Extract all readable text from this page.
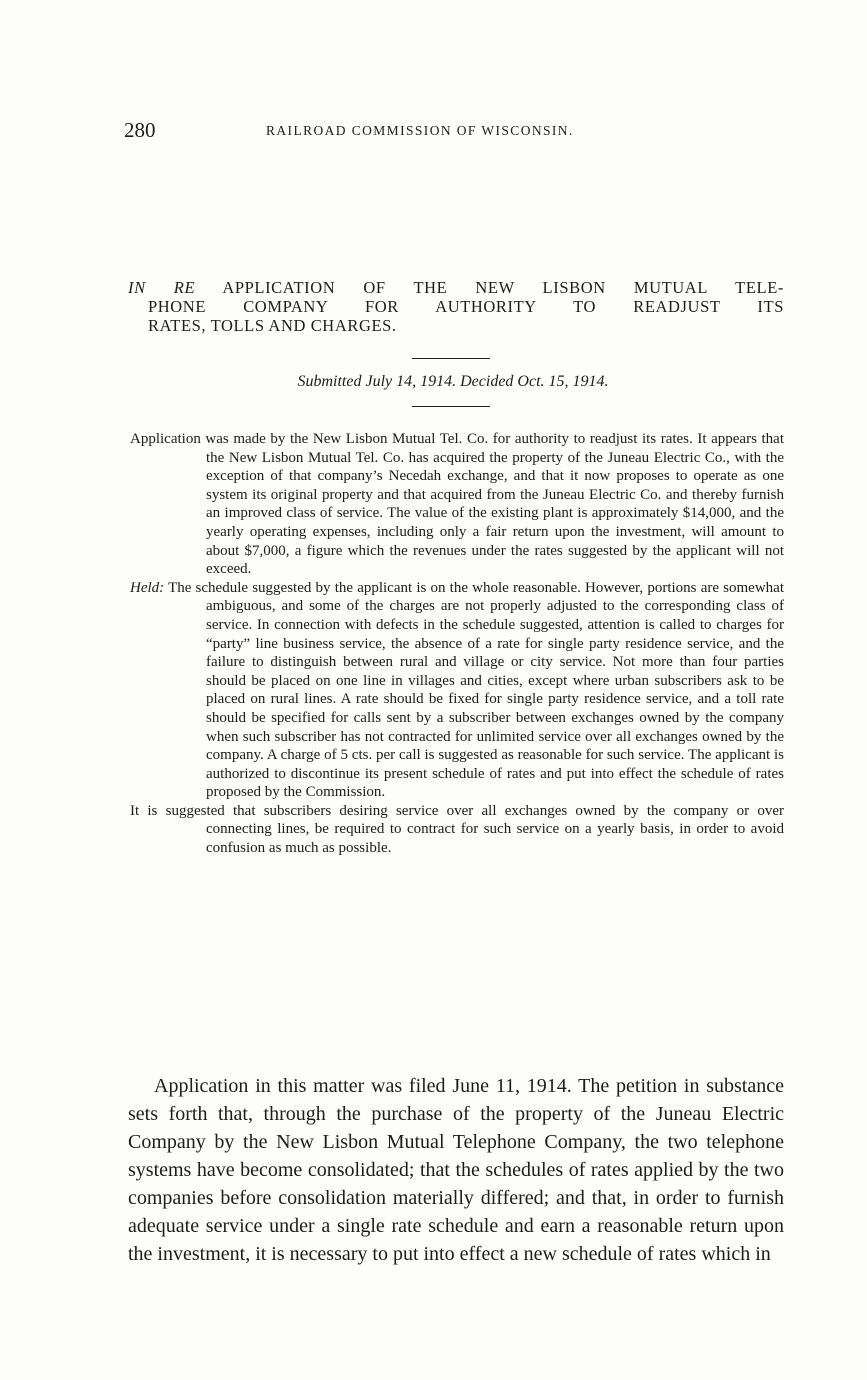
280	RAILROAD COMMISSION OF WISCONSIN.
IN RE APPLICATION OF THE NEW LISBON MUTUAL TELE-
PHONE COMPANY FOR AUTHORITY TO READJUST ITS
RATES, TOLLS AND CHARGES.
Submitted July 14, 1914. Decided Oct. 15, 1914.

Application was made by the New Lisbon Mutual Tel. Co. for authority to readjust its rates. It appears that the New Lisbon Mutual Tel. Co. has acquired the property of the Juneau Electric Co., with the exception of that company’s Necedah exchange, and that it now proposes to operate as one system its original property and that acquired from the Juneau Electric Co. and thereby furnish an improved class of service. The value of the existing plant is approximately $14,000, and the yearly operating expenses, including only a fair return upon the investment, will amount to about $7,000, a figure which the revenues under the rates suggested by the applicant will not exceed.

Held: The schedule suggested by the applicant is on the whole reasonable. However, portions are somewhat ambiguous, and some of the charges are not properly adjusted to the corresponding class of service. In connection with defects in the schedule suggested, attention is called to charges for “party” line business service, the absence of a rate for single party residence service, and the failure to distinguish between rural and village or city service. Not more than four parties should be placed on one line in villages and cities, except where urban subscribers ask to be placed on rural lines. A rate should be fixed for single party residence service, and a toll rate should be specified for calls sent by a subscriber between exchanges owned by the company when such subscriber has not contracted for unlimited service over all exchanges owned by the company. A charge of 5 cts. per call is suggested as reasonable for such service. The applicant is authorized to discontinue its present schedule of rates and put into effect the schedule of rates proposed by the Commission.

It is suggested that subscribers desiring service over all exchanges owned by the company or over connecting lines, be required to contract for such service on a yearly basis, in order to avoid confusion as much as possible.

Application in this matter was filed June 11, 1914. The petition in substance sets forth that, through the purchase of the property of the Juneau Electric Company by the New Lisbon Mutual Telephone Company, the two telephone systems have become consolidated; that the schedules of rates applied by the two companies before consolidation materially differed; and that, in order to furnish adequate service under a single rate schedule and earn a reasonable return upon the investment, it is necessary to put into effect a new schedule of rates which in
